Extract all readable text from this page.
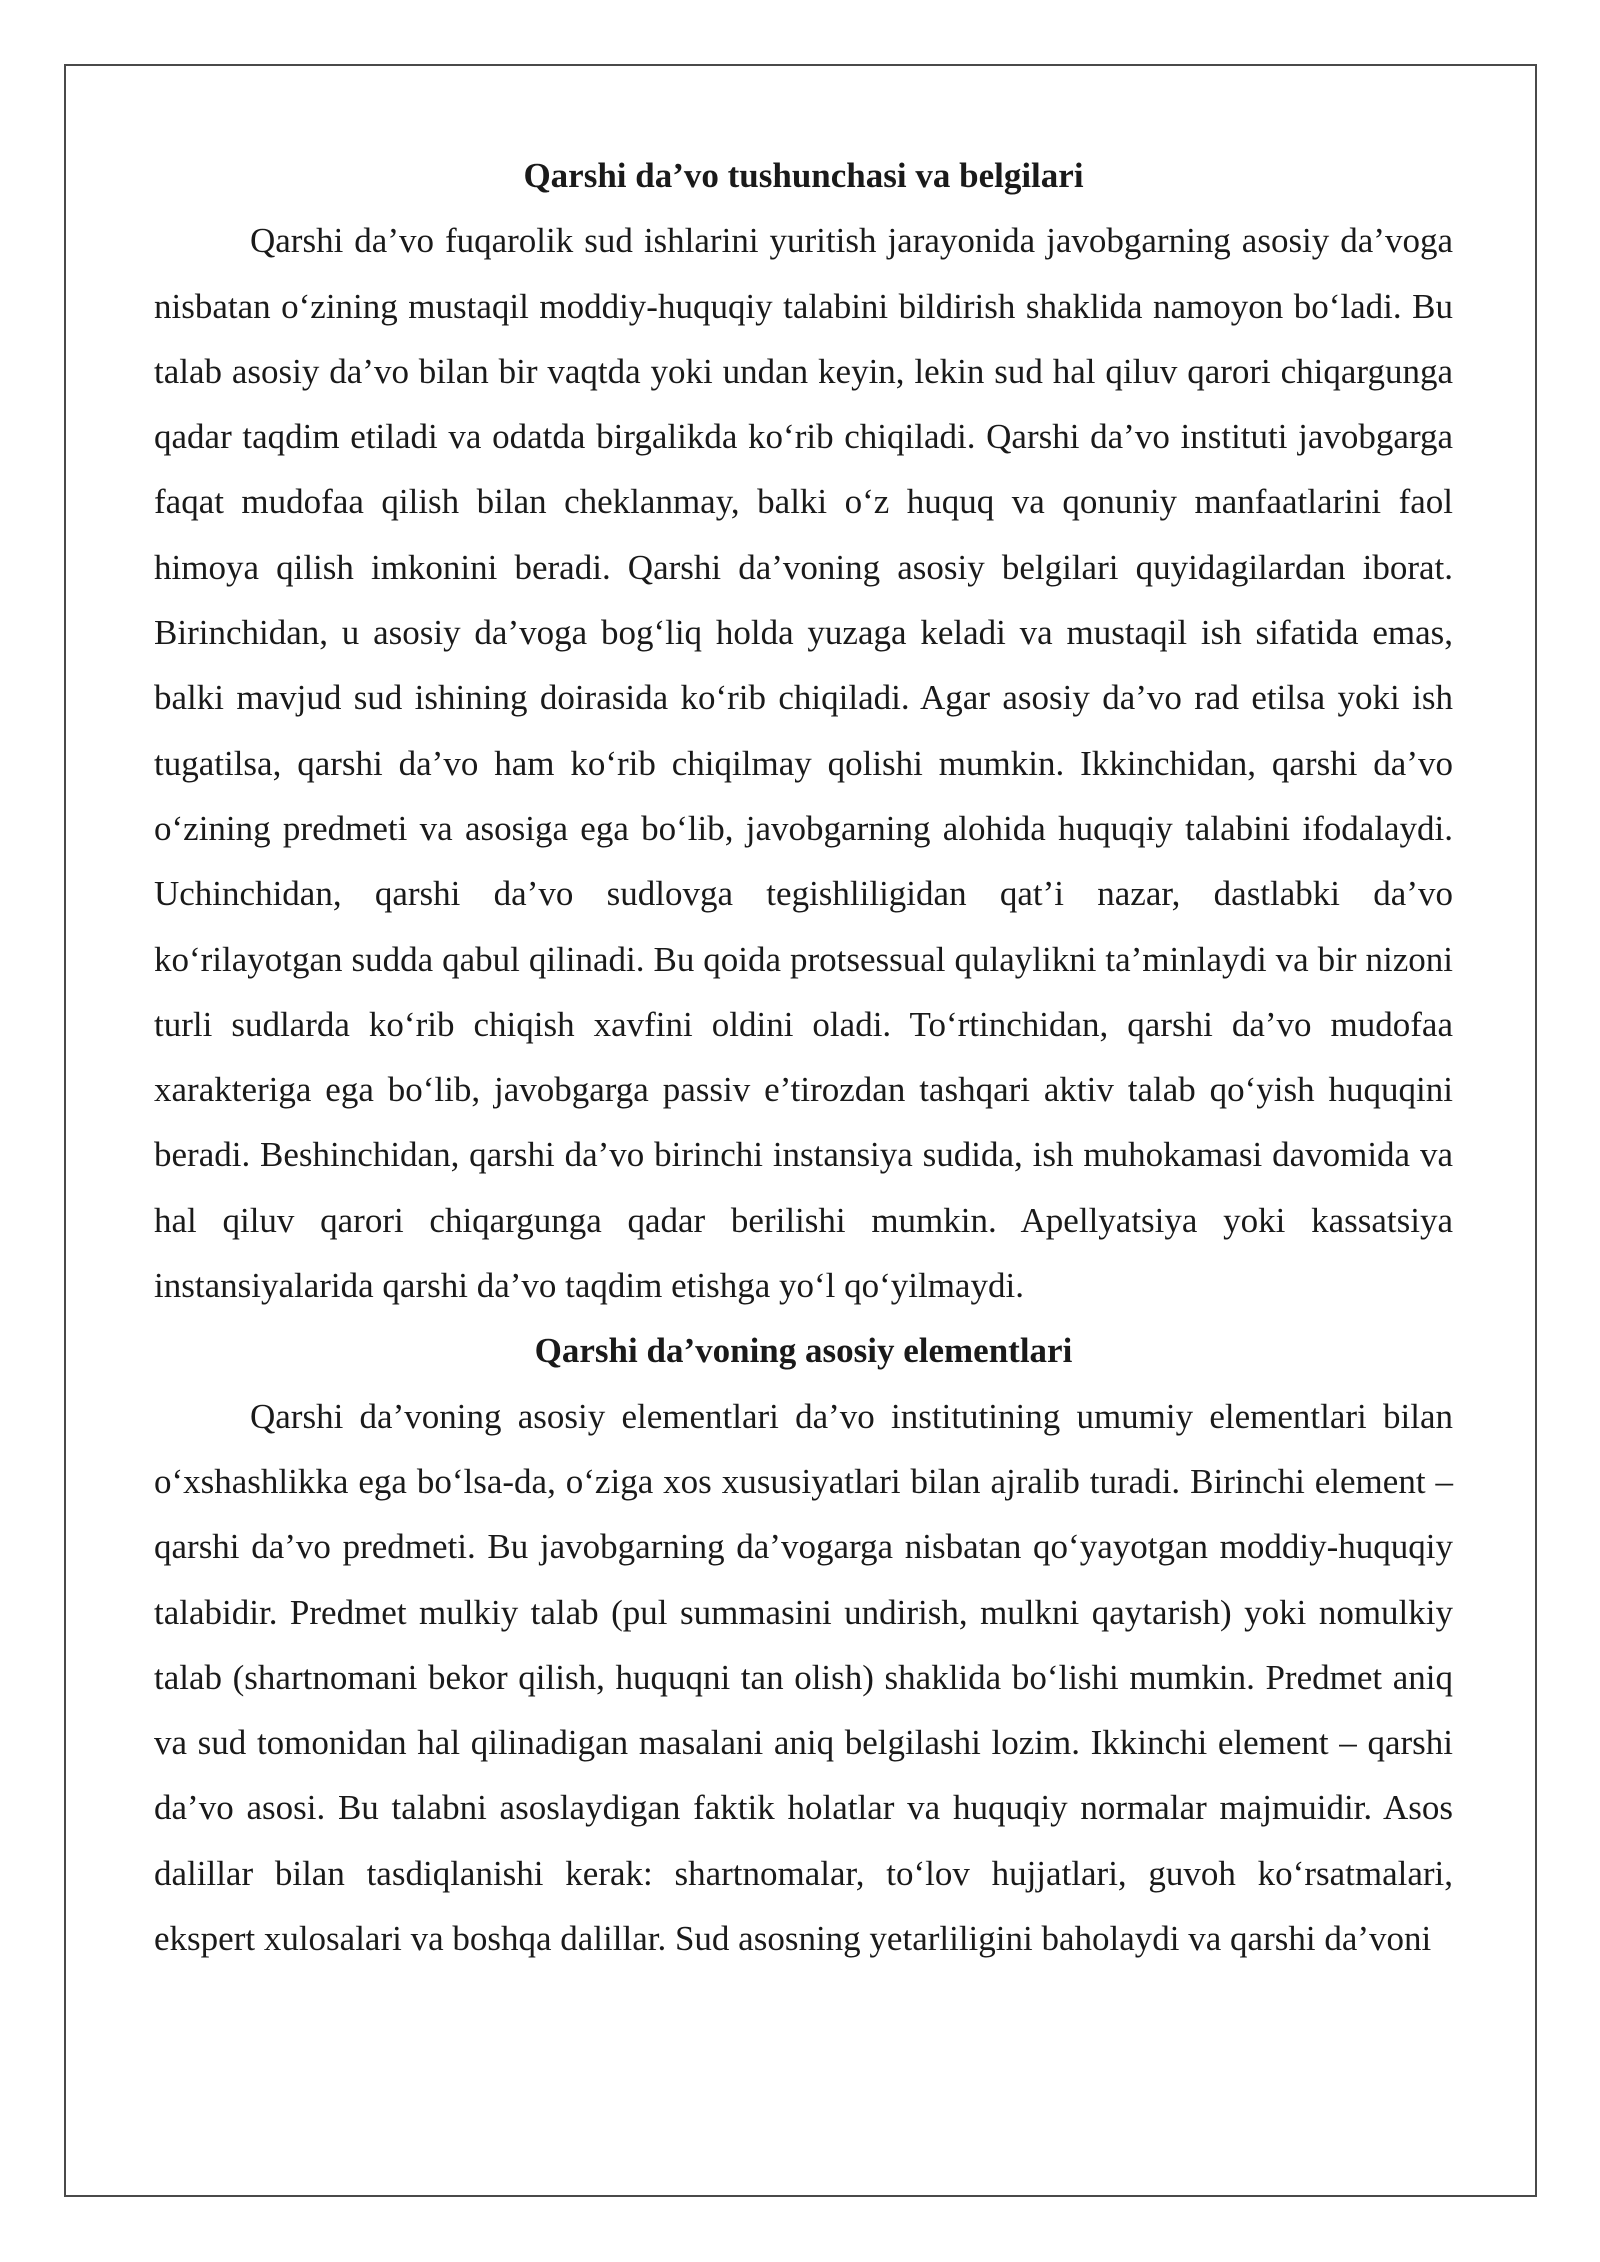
Qarshi da’vo tushunchasi va belgilari

Qarshi da’vo fuqarolik sud ishlarini yuritish jarayonida javobgarning asosiy da’voga nisbatan o‘zining mustaqil moddiy-huquqiy talabini bildirish shaklida namoyon bo‘ladi. Bu talab asosiy da’vo bilan bir vaqtda yoki undan keyin, lekin sud hal qiluv qarori chiqargunga qadar taqdim etiladi va odatda birgalikda ko‘rib chiqiladi. Qarshi da’vo instituti javobgarga faqat mudofaa qilish bilan cheklanmay, balki o‘z huquq va qonuniy manfaatlarini faol himoya qilish imkonini beradi. Qarshi da’voning asosiy belgilari quyidagilardan iborat. Birinchidan, u asosiy da’voga bog‘liq holda yuzaga keladi va mustaqil ish sifatida emas, balki mavjud sud ishining doirasida ko‘rib chiqiladi. Agar asosiy da’vo rad etilsa yoki ish tugatilsa, qarshi da’vo ham ko‘rib chiqilmay qolishi mumkin. Ikkinchidan, qarshi da’vo o‘zining predmeti va asosiga ega bo‘lib, javobgarning alohida huquqiy talabini ifodalaydi. Uchinchidan, qarshi da’vo sudlovga tegishliligidan qat’i nazar, dastlabki da’vo ko‘rilayotgan sudda qabul qilinadi. Bu qoida protsessual qulaylikni ta’minlaydi va bir nizoni turli sudlarda ko‘rib chiqish xavfini oldini oladi. To‘rtinchidan, qarshi da’vo mudofaa xarakteriga ega bo‘lib, javobgarga passiv e’tirozdan tashqari aktiv talab qo‘yish huquqini beradi. Beshinchidan, qarshi da’vo birinchi instansiya sudida, ish muhokamasi davomida va hal qiluv qarori chiqargunga qadar berilishi mumkin. Apellyatsiya yoki kassatsiya instansiyalarida qarshi da’vo taqdim etishga yo‘l qo‘yilmaydi.

Qarshi da’voning asosiy elementlari

Qarshi da’voning asosiy elementlari da’vo institutining umumiy elementlari bilan o‘xshashlikka ega bo‘lsa-da, o‘ziga xos xususiyatlari bilan ajralib turadi. Birinchi element – qarshi da’vo predmeti. Bu javobgarning da’vogarga nisbatan qo‘yayotgan moddiy-huquqiy talabidir. Predmet mulkiy talab (pul summasini undirish, mulkni qaytarish) yoki nomulkiy talab (shartnomani bekor qilish, huquqni tan olish) shaklida bo‘lishi mumkin. Predmet aniq va sud tomonidan hal qilinadigan masalani aniq belgilashi lozim. Ikkinchi element – qarshi da’vo asosi. Bu talabni asoslaydigan faktik holatlar va huquqiy normalar majmuidir. Asos dalillar bilan tasdiqlanishi kerak: shartnomalar, to‘lov hujjatlari, guvoh ko‘rsatmalari, ekspert xulosalari va boshqa dalillar. Sud asosning yetarliligini baholaydi va qarshi da’voni
